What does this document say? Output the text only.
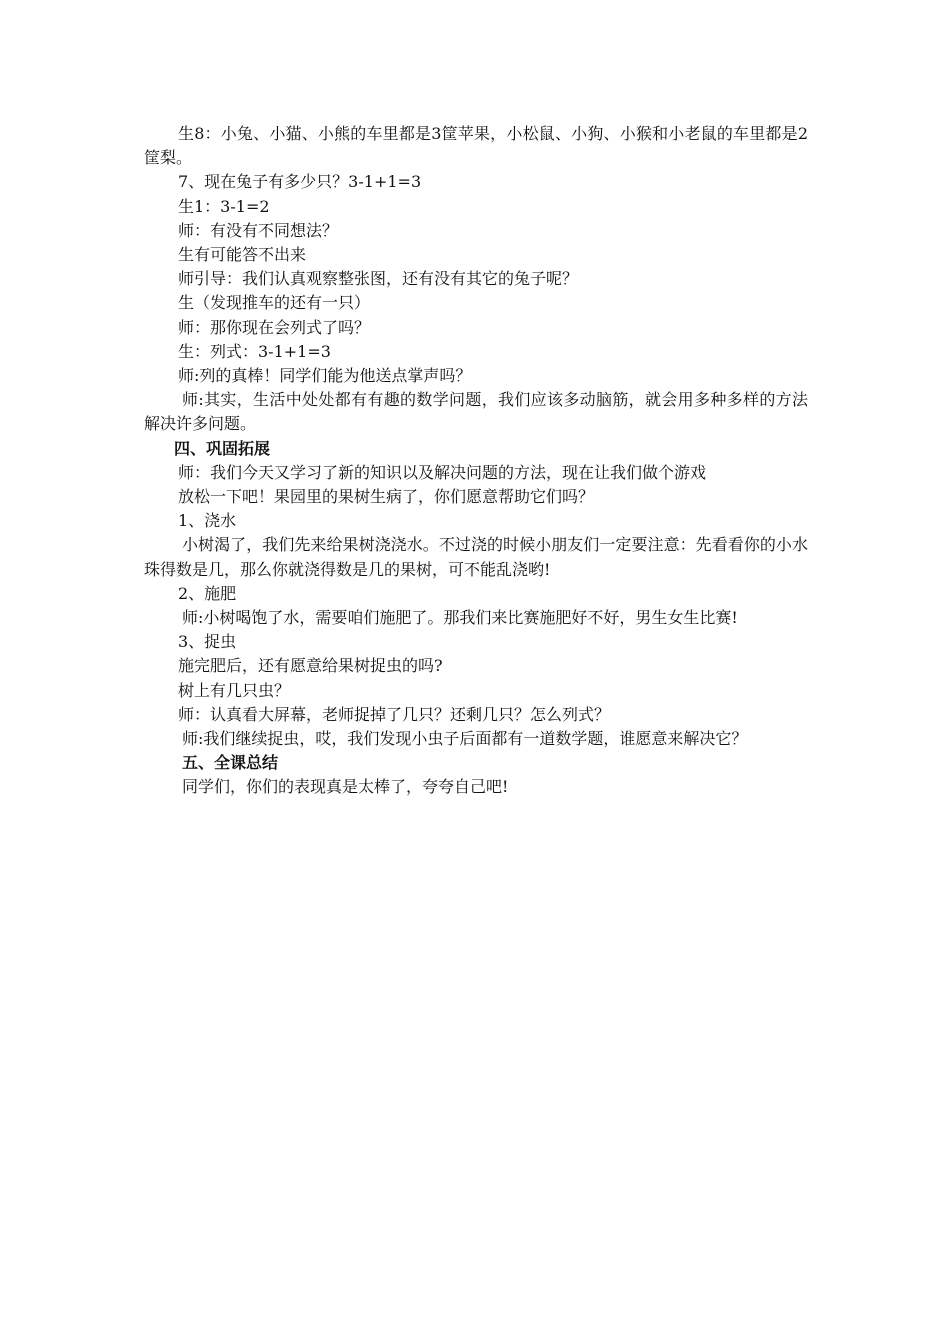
生8：小兔、小猫、小熊的车里都是3筐苹果，小松鼠、小狗、小猴和小老鼠的车里都是2筐梨。

7、现在兔子有多少只？3-1+1=3

生1：3-1=2

师：有没有不同想法？

生有可能答不出来

师引导：我们认真观察整张图，还有没有其它的兔子呢？

生（发现推车的还有一只）

师：那你现在会列式了吗？

生：列式：3-1+1=3

师:列的真棒！同学们能为他送点掌声吗？

师:其实，生活中处处都有有趣的数学问题，我们应该多动脑筋，就会用多种多样的方法解决许多问题。

四、巩固拓展

师：我们今天又学习了新的知识以及解决问题的方法，现在让我们做个游戏

放松一下吧！果园里的果树生病了，你们愿意帮助它们吗？

1、浇水

小树渴了，我们先来给果树浇浇水。不过浇的时候小朋友们一定要注意：先看看你的小水珠得数是几，那么你就浇得数是几的果树，可不能乱浇哟!

2、施肥

师:小树喝饱了水，需要咱们施肥了。那我们来比赛施肥好不好，男生女生比赛!

3、捉虫

施完肥后，还有愿意给果树捉虫的吗?

树上有几只虫？

师：认真看大屏幕，老师捉掉了几只？还剩几只？怎么列式？

师:我们继续捉虫，哎，我们发现小虫子后面都有一道数学题，谁愿意来解决它？

五、全课总结

同学们，你们的表现真是太棒了，夸夸自己吧!
